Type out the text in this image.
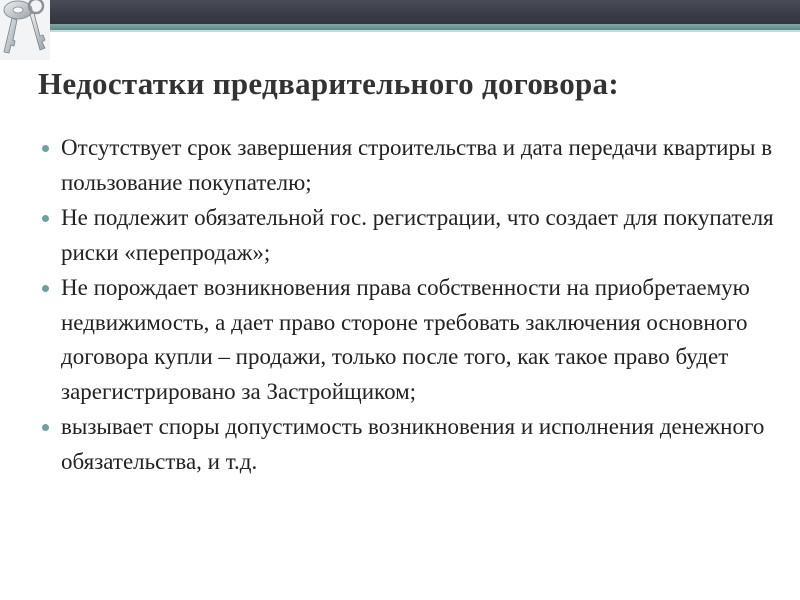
Недостатки предварительного договора:
Отсутствует срок завершения строительства и дата передачи квартиры в пользование покупателю;
Не подлежит обязательной гос. регистрации, что создает для покупателя риски «перепродаж»;
Не порождает возникновения права собственности на приобретаемую недвижимость, а дает право стороне требовать заключения основного договора купли – продажи, только после того, как такое право будет зарегистрировано за Застройщиком;
вызывает споры допустимость возникновения и исполнения денежного обязательства, и т.д.
